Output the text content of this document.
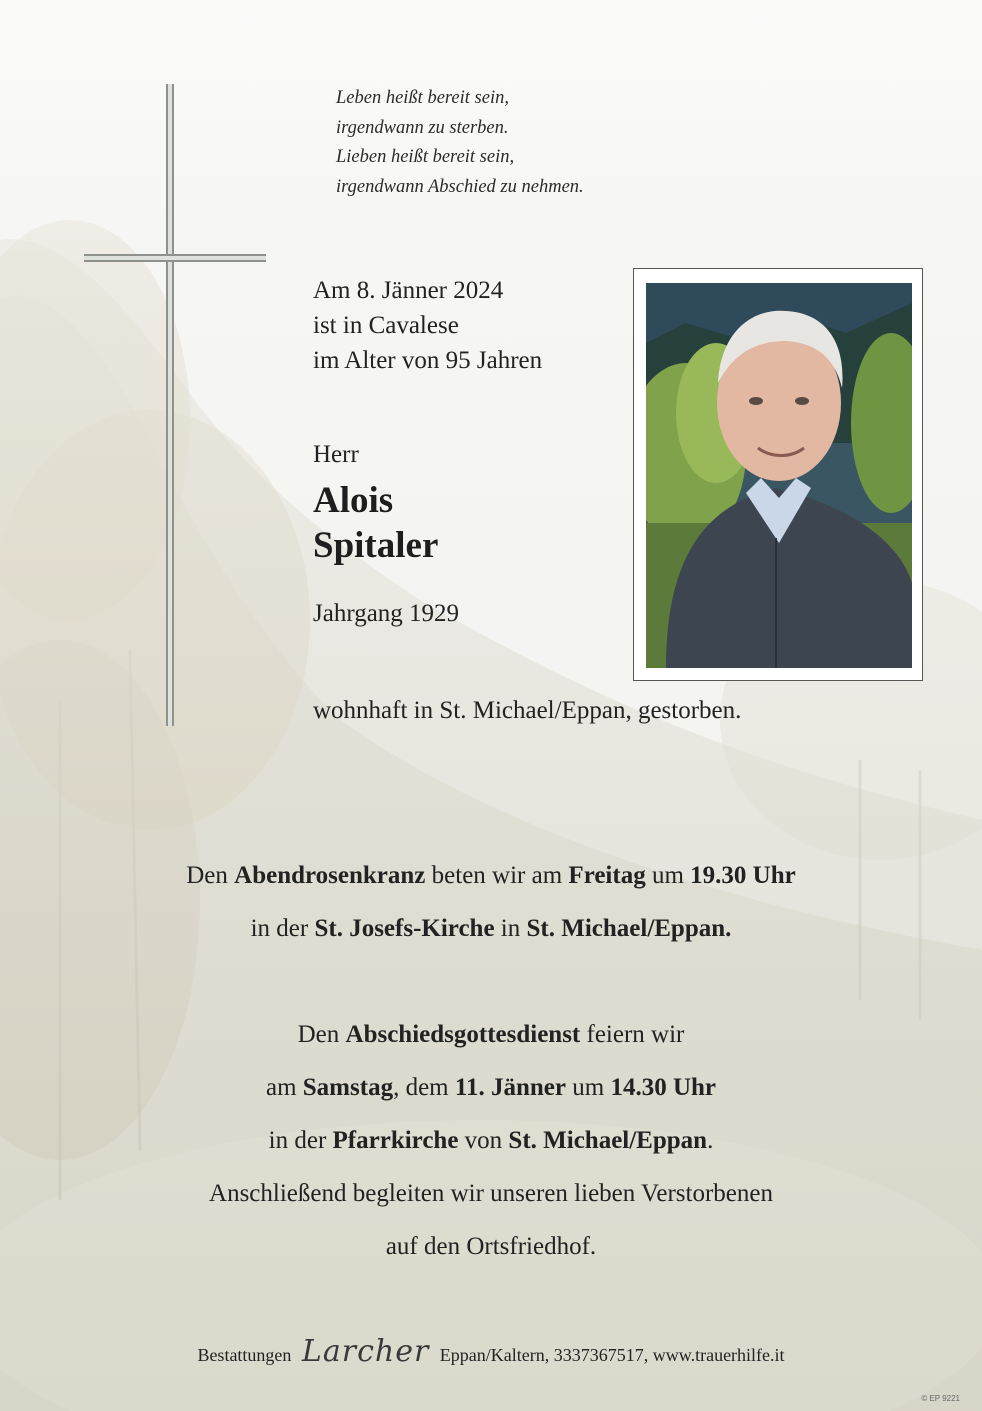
Leben heißt bereit sein,
irgendwann zu sterben.
Lieben heißt bereit sein,
irgendwann Abschied zu nehmen.
Am 8. Jänner 2024
ist in Cavalese
im Alter von 95 Jahren
Herr
Alois
Spitaler
Jahrgang 1929
wohnhaft in St. Michael/Eppan, gestorben.
Den Abendrosenkranz beten wir am Freitag um 19.30 Uhr
in der St. Josefs-Kirche in St. Michael/Eppan.
Den Abschiedsgottesdienst feiern wir
am Samstag, dem 11. Jänner um 14.30 Uhr
in der Pfarrkirche von St. Michael/Eppan.
Anschließend begleiten wir unseren lieben Verstorbenen
auf den Ortsfriedhof.
Bestattungen Larcher Eppan/Kaltern, 3337367517, www.trauerhilfe.it
© EP 9221
